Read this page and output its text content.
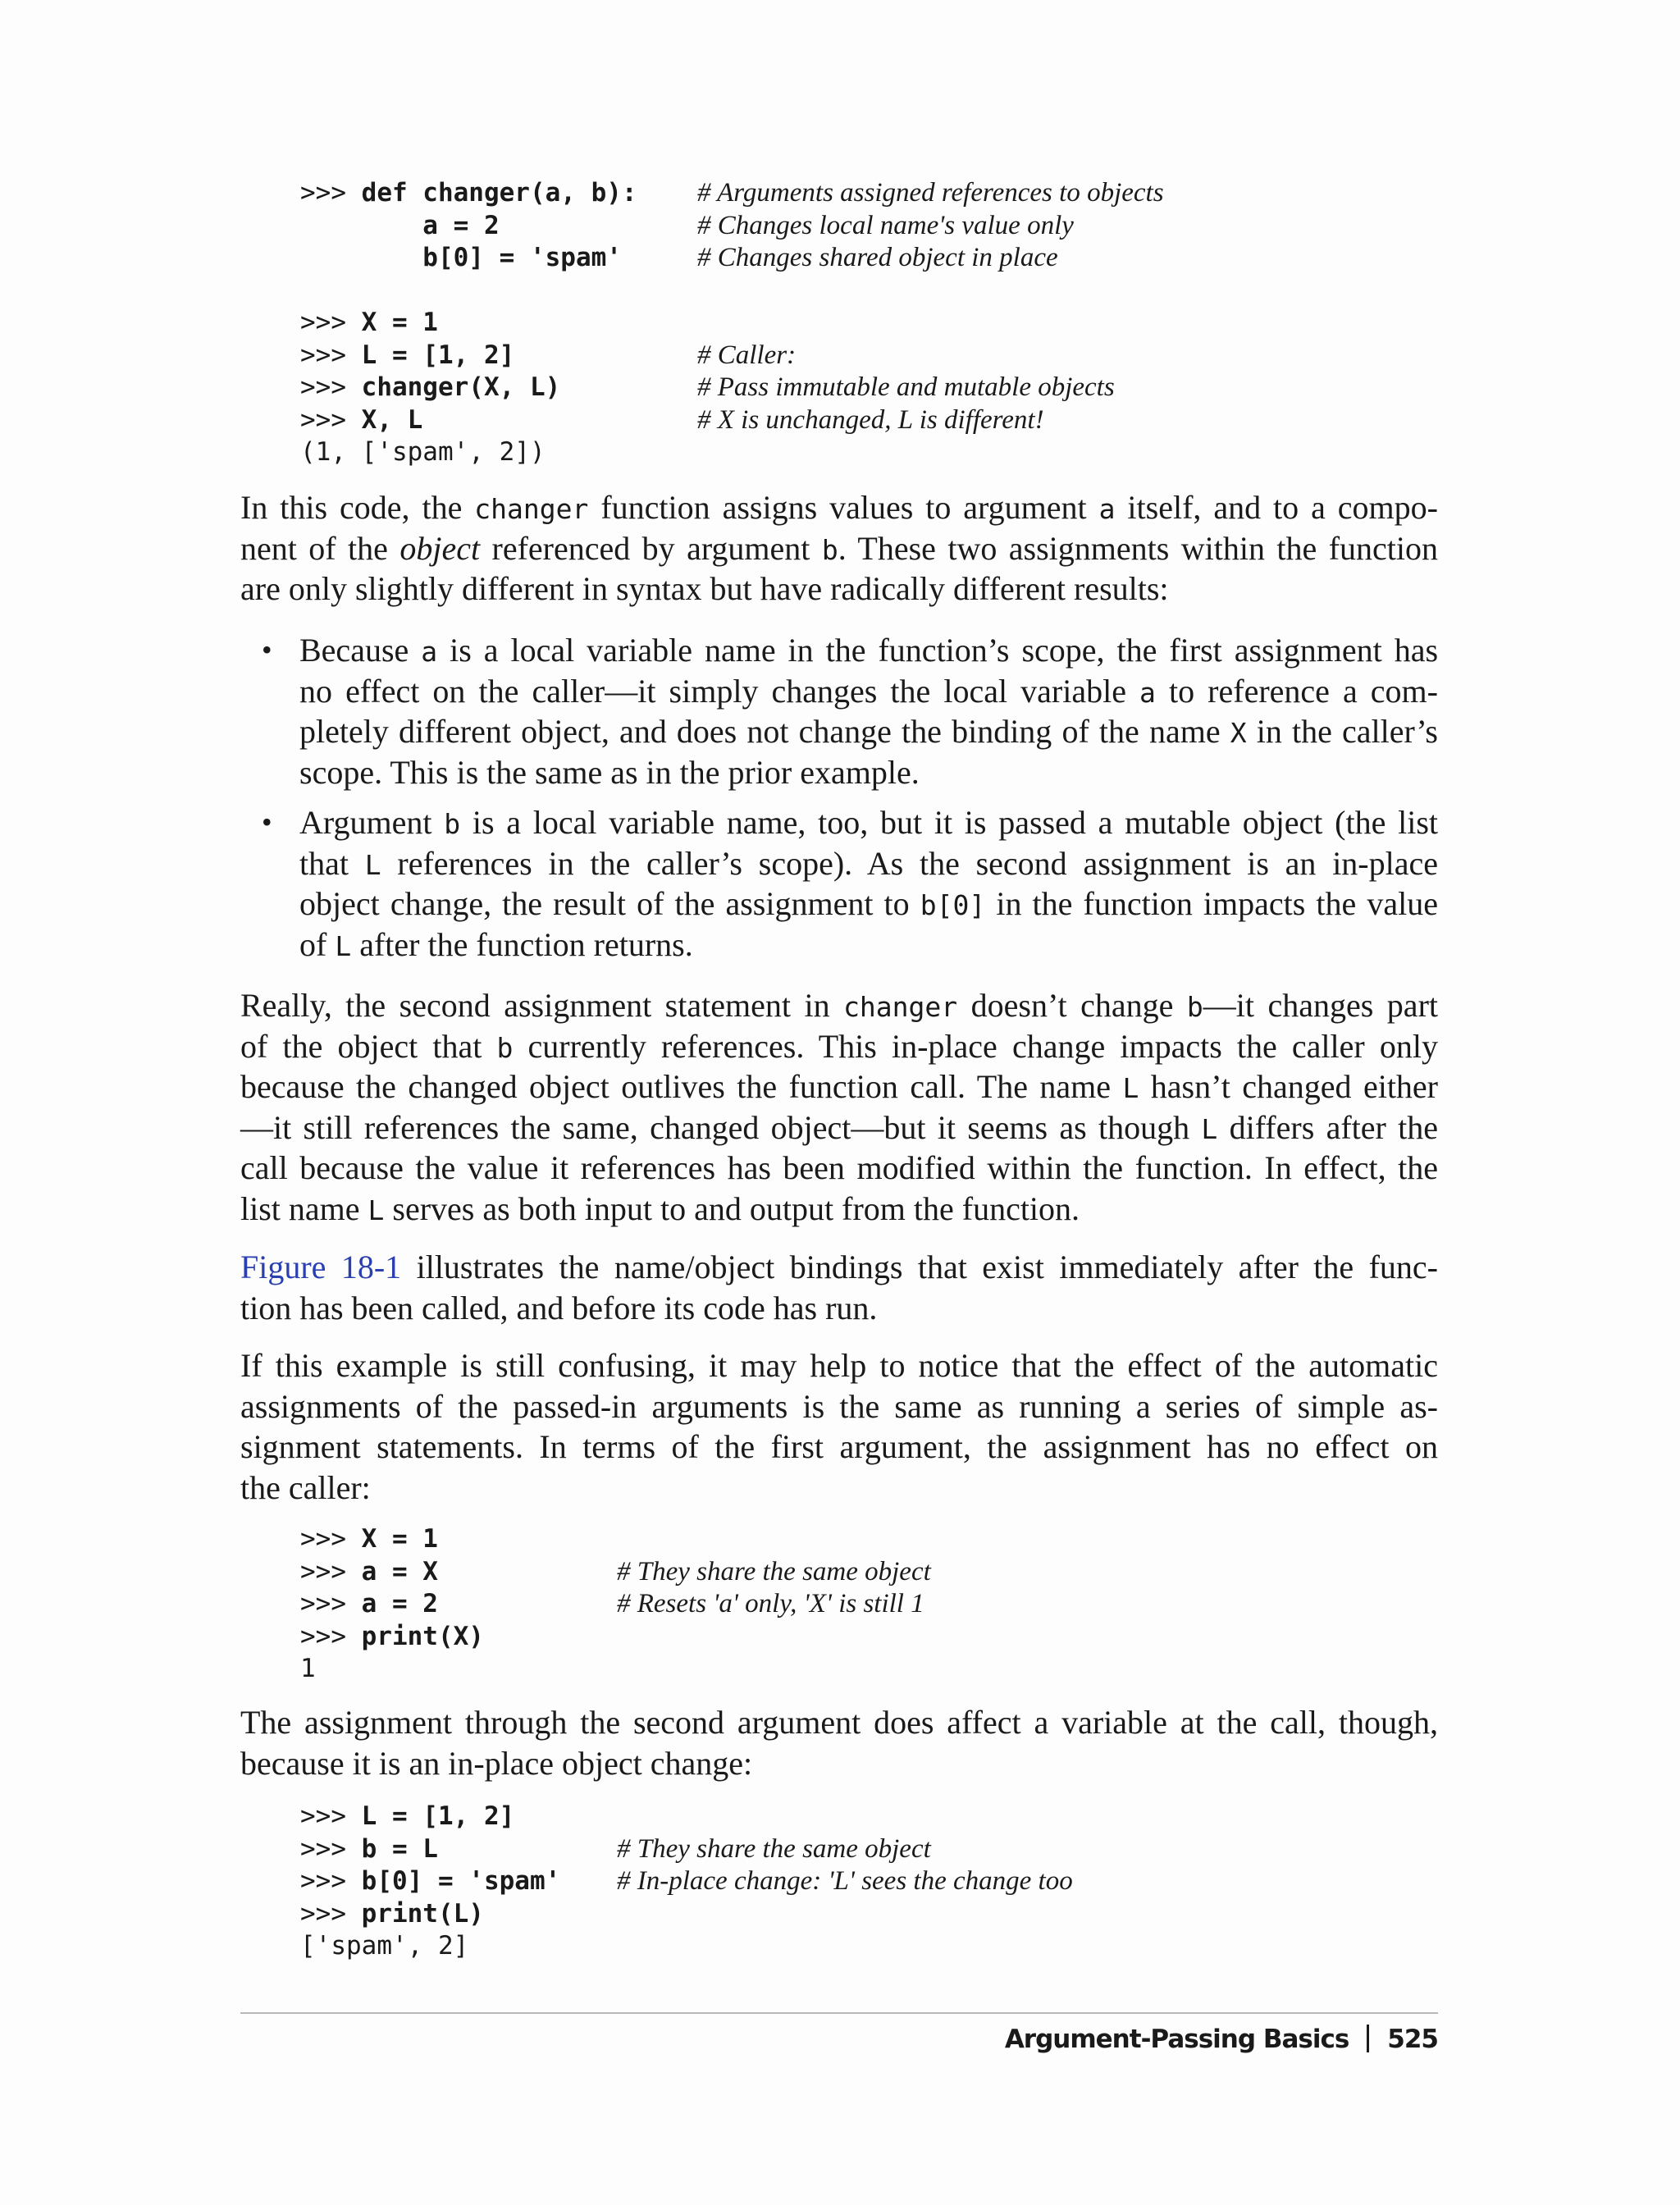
>>> def changer(a, b): # Arguments assigned references to objects
a = 2	# Changes local name's value only
b[0] = 'spam'	# Changes shared object in place
>>> X = 1
>>> L = [1, 2]	# Caller:
>>> changer(X, L)	# Pass immutable and mutable objects
>>> X, L	# X is unchanged, L is different!
(1, ['spam', 2])

In this code, the changer function assigns values to argument a itself, and to a compo-
nent of the object referenced by argument b. These two assignments within the function
are only slightly different in syntax but have radically different results:

• Because a is a local variable name in the function’s scope, the first assignment has
no effect on the caller—it simply changes the local variable a to reference a com-
pletely different object, and does not change the binding of the name X in the caller’s
scope. This is the same as in the prior example.
• Argument b is a local variable name, too, but it is passed a mutable object (the list
that L references in the caller’s scope). As the second assignment is an in-place
object change, the result of the assignment to b[0] in the function impacts the value
of L after the function returns.

Really, the second assignment statement in changer doesn’t change b—it changes part
of the object that b currently references. This in-place change impacts the caller only
because the changed object outlives the function call. The name L hasn’t changed either
—it still references the same, changed object—but it seems as though L differs after the
call because the value it references has been modified within the function. In effect, the
list name L serves as both input to and output from the function.

Figure 18-1 illustrates the name/object bindings that exist immediately after the func-
tion has been called, and before its code has run.

If this example is still confusing, it may help to notice that the effect of the automatic
assignments of the passed-in arguments is the same as running a series of simple as-
signment statements. In terms of the first argument, the assignment has no effect on
the caller:

>>> X = 1
>>> a = X	# They share the same object
>>> a = 2	# Resets 'a' only, 'X' is still 1
>>> print(X)
1

The assignment through the second argument does affect a variable at the call, though,
because it is an in-place object change:

>>> L = [1, 2]
>>> b = L	# They share the same object
>>> b[0] = 'spam' # In-place change: 'L' sees the change too
>>> print(L)
['spam', 2]
Argument-Passing Basics 525
